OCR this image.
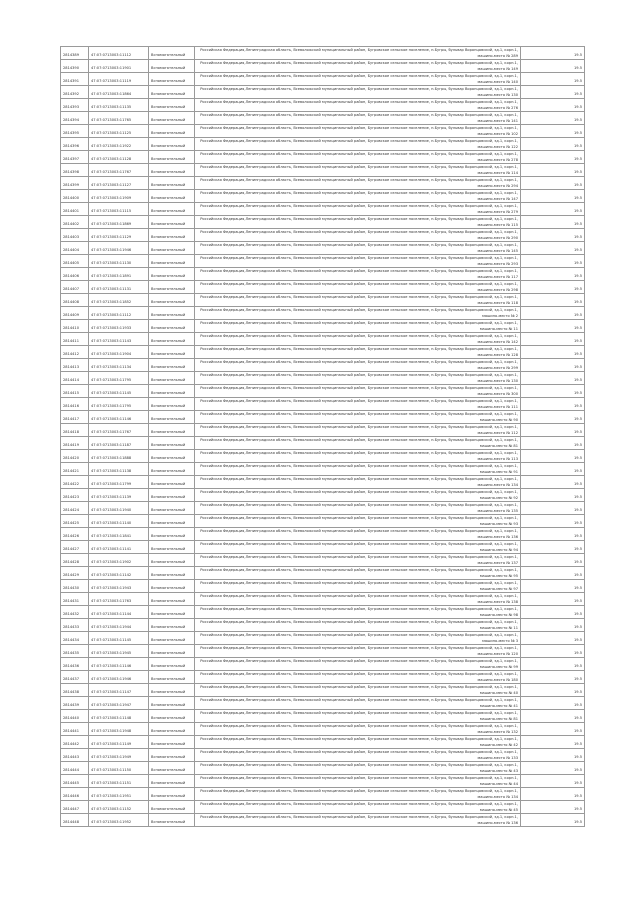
2814389	47:07:0713003:11112	Вспомогательный	Российская Федерация,Ленинградская область, Всеволожский муниципальный район, Бугровское сельское поселение, п.Бугры, бульвар Воронцовский, зд.1, корп.1, машино-место № 289	19.5
2814390	47:07:0713003:11901	Вспомогательный	Российская Федерация,Ленинградская область, Всеволожский муниципальный район, Бугровское сельское поселение, п.Бугры, бульвар Воронцовский, зд.1, корп.1, машино-место № 149	19.5
2814391	47:07:0713003:11119	Вспомогательный	Российская Федерация,Ленинградская область, Всеволожский муниципальный район, Бугровское сельское поселение, п.Бугры, бульвар Воронцовский, зд.1, корп.1, машино-место № 140	19.5
2814392	47:07:0713003:11864	Вспомогательный	Российская Федерация,Ленинградская область, Всеволожский муниципальный район, Бугровское сельское поселение, п.Бугры, бульвар Воронцовский, зд.1, корп.1, машино-место № 130	19.5
2814393	47:07:0713003:11135	Вспомогательный	Российская Федерация,Ленинградская область, Всеволожский муниципальный район, Бугровское сельское поселение, п.Бугры, бульвар Воронцовский, зд.1, корп.1, машино-место № 276	19.5
2814394	47:07:0713003:11765	Вспомогательный	Российская Федерация,Ленинградская область, Всеволожский муниципальный район, Бугровское сельское поселение, п.Бугры, бульвар Воронцовский, зд.1, корп.1, машино-место № 141	19.5
2814395	47:07:0713003:11125	Вспомогательный	Российская Федерация,Ленинградская область, Всеволожский муниципальный район, Бугровское сельское поселение, п.Бугры, бульвар Воронцовский, зд.1, корп.1, машино-место № 102	19.5
2814396	47:07:0713003:11922	Вспомогательный	Российская Федерация,Ленинградская область, Всеволожский муниципальный район, Бугровское сельское поселение, п.Бугры, бульвар Воронцовский, зд.1, корп.1, машино-место № 122	19.5
2814397	47:07:0713003:11128	Вспомогательный	Российская Федерация,Ленинградская область, Всеволожский муниципальный район, Бугровское сельское поселение, п.Бугры, бульвар Воронцовский, зд.1, корп.1, машино-место № 278	19.5
2814398	47:07:0713003:11767	Вспомогательный	Российская Федерация,Ленинградская область, Всеволожский муниципальный район, Бугровское сельское поселение, п.Бугры, бульвар Воронцовский, зд.1, корп.1, машино-место № 114	19.5
2814399	47:07:0713003:11127	Вспомогательный	Российская Федерация,Ленинградская область, Всеволожский муниципальный район, Бугровское сельское поселение, п.Бугры, бульвар Воронцовский, зд.1, корп.1, машино-место № 294	19.5
2814400	47:07:0713003:11909	Вспомогательный	Российская Федерация,Ленинградская область, Всеволожский муниципальный район, Бугровское сельское поселение, п.Бугры, бульвар Воронцовский, зд.1, корп.1, машино-место № 147	19.5
2814401	47:07:0713003:11115	Вспомогательный	Российская Федерация,Ленинградская область, Всеволожский муниципальный район, Бугровское сельское поселение, п.Бугры, бульвар Воронцовский, зд.1, корп.1, машино-место № 279	19.5
2814402	47:07:0713003:11869	Вспомогательный	Российская Федерация,Ленинградская область, Всеволожский муниципальный район, Бугровское сельское поселение, п.Бугры, бульвар Воронцовский, зд.1, корп.1, машино-место № 115	19.5
2814403	47:07:0713003:11129	Вспомогательный	Российская Федерация,Ленинградская область, Всеволожский муниципальный район, Бугровское сельское поселение, п.Бугры, бульвар Воронцовский, зд.1, корп.1, машино-место № 290	19.5
2814404	47:07:0713003:11946	Вспомогательный	Российская Федерация,Ленинградская область, Всеволожский муниципальный район, Бугровское сельское поселение, п.Бугры, бульвар Воронцовский, зд.1, корп.1, машино-место № 145	19.5
2814405	47:07:0713003:11130	Вспомогательный	Российская Федерация,Ленинградская область, Всеволожский муниципальный район, Бугровское сельское поселение, п.Бугры, бульвар Воронцовский, зд.1, корп.1, машино-место № 293	19.5
2814406	47:07:0713003:11891	Вспомогательный	Российская Федерация,Ленинградская область, Всеволожский муниципальный район, Бугровское сельское поселение, п.Бугры, бульвар Воронцовский, зд.1, корп.1, машино-место № 117	19.5
2814407	47:07:0713003:11131	Вспомогательный	Российская Федерация,Ленинградская область, Всеволожский муниципальный район, Бугровское сельское поселение, п.Бугры, бульвар Воронцовский, зд.1, корп.1, машино-место № 298	19.5
2814408	47:07:0713003:11852	Вспомогательный	Российская Федерация,Ленинградская область, Всеволожский муниципальный район, Бугровское сельское поселение, п.Бугры, бульвар Воронцовский, зд.1, корп.1, машино-место № 118	19.5
2814409	47:07:0713003:11112	Вспомогательный	Российская Федерация,Ленинградская область, Всеволожский муниципальный район, Бугровское сельское поселение, п.Бугры, бульвар Воронцовский, зд.1, корп.1, машино-место № 2	19.5
2814410	47:07:0713003:11933	Вспомогательный	Российская Федерация,Ленинградская область, Всеволожский муниципальный район, Бугровское сельское поселение, п.Бугры, бульвар Воронцовский, зд.1, корп.1, машино-место № 11	19.5
2814411	47:07:0713003:11143	Вспомогательный	Российская Федерация,Ленинградская область, Всеволожский муниципальный район, Бугровское сельское поселение, п.Бугры, бульвар Воронцовский, зд.1, корп.1, машино-место № 142	19.5
2814412	47:07:0713003:11904	Вспомогательный	Российская Федерация,Ленинградская область, Всеволожский муниципальный район, Бугровское сельское поселение, п.Бугры, бульвар Воронцовский, зд.1, корп.1, машино-место № 128	19.5
2814413	47:07:0713003:11134	Вспомогательный	Российская Федерация,Ленинградская область, Всеволожский муниципальный район, Бугровское сельское поселение, п.Бугры, бульвар Воронцовский, зд.1, корп.1, машино-место № 299	19.5
2814414	47:07:0713003:11795	Вспомогательный	Российская Федерация,Ленинградская область, Всеволожский муниципальный район, Бугровское сельское поселение, п.Бугры, бульвар Воронцовский, зд.1, корп.1, машино-место № 130	19.5
2814415	47:07:0713003:11145	Вспомогательный	Российская Федерация,Ленинградская область, Всеволожский муниципальный район, Бугровское сельское поселение, п.Бугры, бульвар Воронцовский, зд.1, корп.1, машино-место № 300	19.5
2814416	47:07:0713003:11795	Вспомогательный	Российская Федерация,Ленинградская область, Всеволожский муниципальный район, Бугровское сельское поселение, п.Бугры, бульвар Воронцовский, зд.1, корп.1, машино-место № 111	19.5
2814417	47:07:0713003:11146	Вспомогательный	Российская Федерация,Ленинградская область, Всеволожский муниципальный район, Бугровское сельское поселение, п.Бугры, бульвар Воронцовский, зд.1, корп.1, машино-место № 90	19.5
2814418	47:07:0713003:11767	Вспомогательный	Российская Федерация,Ленинградская область, Всеволожский муниципальный район, Бугровское сельское поселение, п.Бугры, бульвар Воронцовский, зд.1, корп.1, машино-место № 112	19.5
2814419	47:07:0713003:11187	Вспомогательный	Российская Федерация,Ленинградская область, Всеволожский муниципальный район, Бугровское сельское поселение, п.Бугры, бульвар Воронцовский, зд.1, корп.1, машино-место № 81	19.5
2814420	47:07:0713003:11888	Вспомогательный	Российская Федерация,Ленинградская область, Всеволожский муниципальный район, Бугровское сельское поселение, п.Бугры, бульвар Воронцовский, зд.1, корп.1, машино-место № 113	19.5
2814421	47:07:0713003:11138	Вспомогательный	Российская Федерация,Ленинградская область, Всеволожский муниципальный район, Бугровское сельское поселение, п.Бугры, бульвар Воронцовский, зд.1, корп.1, машино-место № 91	19.5
2814422	47:07:0713003:11799	Вспомогательный	Российская Федерация,Ленинградская область, Всеволожский муниципальный район, Бугровское сельское поселение, п.Бугры, бульвар Воронцовский, зд.1, корп.1, машино-место № 134	19.5
2814423	47:07:0713003:11139	Вспомогательный	Российская Федерация,Ленинградская область, Всеволожский муниципальный район, Бугровское сельское поселение, п.Бугры, бульвар Воронцовский, зд.1, корп.1, машино-место № 92	19.5
2814424	47:07:0713003:11940	Вспомогательный	Российская Федерация,Ленинградская область, Всеволожский муниципальный район, Бугровское сельское поселение, п.Бугры, бульвар Воронцовский, зд.1, корп.1, машино-место № 135	19.5
2814425	47:07:0713003:11140	Вспомогательный	Российская Федерация,Ленинградская область, Всеволожский муниципальный район, Бугровское сельское поселение, п.Бугры, бульвар Воронцовский, зд.1, корп.1, машино-место № 93	19.5
2814426	47:07:0713003:11841	Вспомогательный	Российская Федерация,Ленинградская область, Всеволожский муниципальный район, Бугровское сельское поселение, п.Бугры, бульвар Воронцовский, зд.1, корп.1, машино-место № 136	19.5
2814427	47:07:0713003:11141	Вспомогательный	Российская Федерация,Ленинградская область, Всеволожский муниципальный район, Бугровское сельское поселение, п.Бугры, бульвар Воронцовский, зд.1, корп.1, машино-место № 94	19.5
2814428	47:07:0713003:11902	Вспомогательный	Российская Федерация,Ленинградская область, Всеволожский муниципальный район, Бугровское сельское поселение, п.Бугры, бульвар Воронцовский, зд.1, корп.1, машино-место № 137	19.5
2814429	47:07:0713003:11142	Вспомогательный	Российская Федерация,Ленинградская область, Всеволожский муниципальный район, Бугровское сельское поселение, п.Бугры, бульвар Воронцовский, зд.1, корп.1, машино-место № 95	19.5
2814430	47:07:0713003:11943	Вспомогательный	Российская Федерация,Ленинградская область, Всеволожский муниципальный район, Бугровское сельское поселение, п.Бугры, бульвар Воронцовский, зд.1, корп.1, машино-место № 97	19.5
2814431	47:07:0713003:11763	Вспомогательный	Российская Федерация,Ленинградская область, Всеволожский муниципальный район, Бугровское сельское поселение, п.Бугры, бульвар Воронцовский, зд.1, корп.1, машино-место № 138	19.5
2814432	47:07:0713003:11144	Вспомогательный	Российская Федерация,Ленинградская область, Всеволожский муниципальный район, Бугровское сельское поселение, п.Бугры, бульвар Воронцовский, зд.1, корп.1, машино-место № 98	19.5
2814433	47:07:0713003:11944	Вспомогательный	Российская Федерация,Ленинградская область, Всеволожский муниципальный район, Бугровское сельское поселение, п.Бугры, бульвар Воронцовский, зд.1, корп.1, машино-место № 11	19.5
2814434	47:07:0713003:11145	Вспомогательный	Российская Федерация,Ленинградская область, Всеволожский муниципальный район, Бугровское сельское поселение, п.Бугры, бульвар Воронцовский, зд.1, корп.1, машино-место № 3	19.5
2814435	47:07:0713003:11945	Вспомогательный	Российская Федерация,Ленинградская область, Всеволожский муниципальный район, Бугровское сельское поселение, п.Бугры, бульвар Воронцовский, зд.1, корп.1, машино-место № 120	19.5
2814436	47:07:0713003:11146	Вспомогательный	Российская Федерация,Ленинградская область, Всеволожский муниципальный район, Бугровское сельское поселение, п.Бугры, бульвар Воронцовский, зд.1, корп.1, машино-место № 99	19.5
2814437	47:07:0713003:11946	Вспомогательный	Российская Федерация,Ленинградская область, Всеволожский муниципальный район, Бугровское сельское поселение, п.Бугры, бульвар Воронцовский, зд.1, корп.1, машино-место № 180	19.5
2814438	47:07:0713003:11147	Вспомогательный	Российская Федерация,Ленинградская область, Всеволожский муниципальный район, Бугровское сельское поселение, п.Бугры, бульвар Воронцовский, зд.1, корп.1, машино-место № 40	19.5
2814439	47:07:0713003:11947	Вспомогательный	Российская Федерация,Ленинградская область, Всеволожский муниципальный район, Бугровское сельское поселение, п.Бугры, бульвар Воронцовский, зд.1, корп.1, машино-место № 41	19.5
2814440	47:07:0713003:11148	Вспомогательный	Российская Федерация,Ленинградская область, Всеволожский муниципальный район, Бугровское сельское поселение, п.Бугры, бульвар Воронцовский, зд.1, корп.1, машино-место № 81	19.5
2814441	47:07:0713003:11948	Вспомогательный	Российская Федерация,Ленинградская область, Всеволожский муниципальный район, Бугровское сельское поселение, п.Бугры, бульвар Воронцовский, зд.1, корп.1, машино-место № 132	19.5
2814442	47:07:0713003:11149	Вспомогательный	Российская Федерация,Ленинградская область, Всеволожский муниципальный район, Бугровское сельское поселение, п.Бугры, бульвар Воронцовский, зд.1, корп.1, машино-место № 42	19.5
2814443	47:07:0713003:11949	Вспомогательный	Российская Федерация,Ленинградская область, Всеволожский муниципальный район, Бугровское сельское поселение, п.Бугры, бульвар Воронцовский, зд.1, корп.1, машино-место № 133	19.5
2814444	47:07:0713003:11150	Вспомогательный	Российская Федерация,Ленинградская область, Всеволожский муниципальный район, Бугровское сельское поселение, п.Бугры, бульвар Воронцовский, зд.1, корп.1, машино-место № 43	19.5
2814445	47:07:0713003:11151	Вспомогательный	Российская Федерация,Ленинградская область, Всеволожский муниципальный район, Бугровское сельское поселение, п.Бугры, бульвар Воронцовский, зд.1, корп.1, машино-место № 44	19.5
2814446	47:07:0713003:11951	Вспомогательный	Российская Федерация,Ленинградская область, Всеволожский муниципальный район, Бугровское сельское поселение, п.Бугры, бульвар Воронцовский, зд.1, корп.1, машино-место № 134	19.5
2814447	47:07:0713003:11152	Вспомогательный	Российская Федерация,Ленинградская область, Всеволожский муниципальный район, Бугровское сельское поселение, п.Бугры, бульвар Воронцовский, зд.1, корп.1, машино-место № 45	19.5
2814448	47:07:0713003:11952	Вспомогательный	Российская Федерация,Ленинградская область, Всеволожский муниципальный район, Бугровское сельское поселение, п.Бугры, бульвар Воронцовский, зд.1, корп.1, машино-место № 136	19.5
